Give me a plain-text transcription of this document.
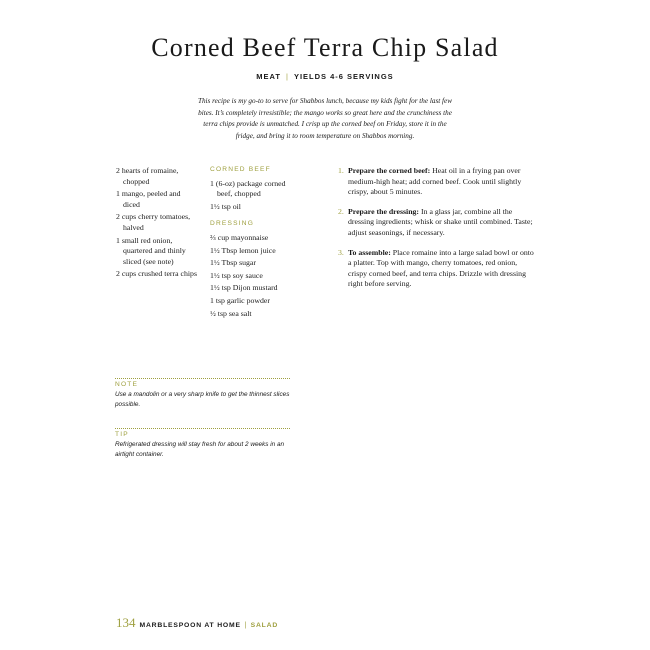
Corned Beef Terra Chip Salad
MEAT | YIELDS 4-6 SERVINGS
This recipe is my go-to to serve for Shabbos lunch, because my kids fight for the last few bites. It’s completely irresistible; the mango works so great here and the crunchiness the terra chips provide is unmatched. I crisp up the corned beef on Friday, store it in the fridge, and bring it to room temperature on Shabbos morning.
2 hearts of romaine, chopped
1 mango, peeled and diced
2 cups cherry tomatoes, halved
1 small red onion, quartered and thinly sliced (see note)
2 cups crushed terra chips
CORNED BEEF
1 (6-oz) package corned beef, chopped
1½ tsp oil
DRESSING
⅔ cup mayonnaise
1½ Tbsp lemon juice
1½ Tbsp sugar
1½ tsp soy sauce
1½ tsp Dijon mustard
1 tsp garlic powder
½ tsp sea salt
1. Prepare the corned beef: Heat oil in a frying pan over medium-high heat; add corned beef. Cook until slightly crispy, about 5 minutes.
2. Prepare the dressing: In a glass jar, combine all the dressing ingredients; whisk or shake until combined. Taste; adjust seasonings, if necessary.
3. To assemble: Place romaine into a large salad bowl or onto a platter. Top with mango, cherry tomatoes, red onion, crispy corned beef, and terra chips. Drizzle with dressing right before serving.
NOTE
Use a mandolin or a very sharp knife to get the thinnest slices possible.
TIP
Refrigerated dressing will stay fresh for about 2 weeks in an airtight container.
134 MARBLESPOON AT HOME | SALAD
